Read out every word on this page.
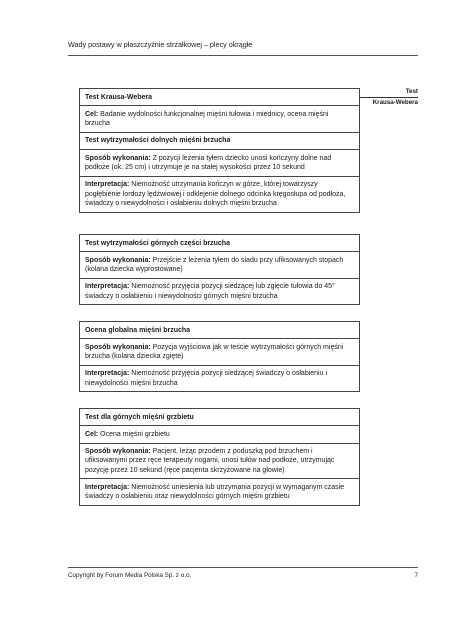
Wady postawy w płaszczyźnie strzałkowej – plecy okrągłe
Test
Krausa-Webera
Test Krausa-Webera
Cel: Badanie wydolności funkcjonalnej mięśni tułowia i miednicy, ocena mięśni brzucha
Test wytrzymałości dolnych mięśni brzucha
Sposób wykonania: Z pozycji leżenia tyłem dziecko unosi kończyny dolne nad podłoże (ok. 25 cm) i utrzymuje je na stałej wysokości przez 10 sekund
Interpretacja: Niemożność utrzymania kończyn w górze, której towarzyszy pogłębienie lordozy lędźwiowej i odklejenie dolnego odcinka kręgosłupa od podłoża, świadczy o niewydolności i osłabieniu dolnych mięśni brzucha
Test wytrzymałości górnych części brzucha
Sposób wykonania: Przejście z leżenia tyłem do siadu przy ufiksowanych stopach (kolana dziecka wyprostowane)
Interpretacja: Niemożność przyjęcia pozycji siedzącej lub zgięcie tułowia do 45° świadczy o osłabieniu i niewydolności górnych mięśni brzucha
Ocena globalna mięśni brzucha
Sposób wykonania: Pozycja wyjściowa jak w teście wytrzymałości górnych mięśni brzucha (kolana dziecka zgięte)
Interpretacja: Niemożność przyjęcia pozycji siedzącej świadczy o osłabieniu i niewydolności mięśni brzucha
Test dla górnych mięśni grzbietu
Cel: Ocena mięśni grzbietu
Sposób wykonania: Pacjent, leżąc przodem z poduszką pod brzuchem i ufiksowanymi przez ręce terapeuty nogami, unosi tułów nad podłoże, utrzymując pozycję przez 10 sekund (ręce pacjenta skrzyżowane na głowie)
Interpretacja: Niemożność uniesienia lub utrzymania pozycji w wymaganym czasie świadczy o osłabieniu oraz niewydolności górnych mięśni grzbietu
Copyright by Forum Media Polska Sp. z o.o.	7
